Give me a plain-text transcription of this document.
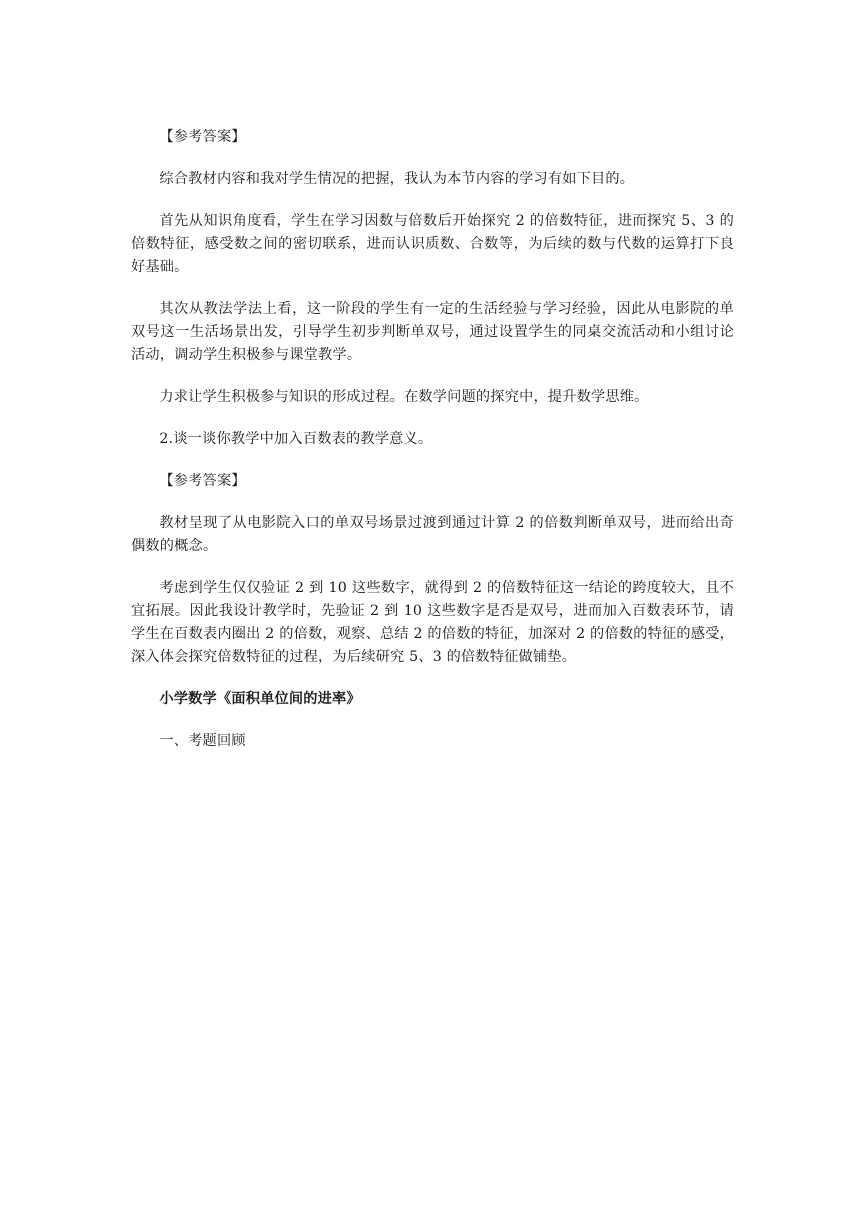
【参考答案】

综合教材内容和我对学生情况的把握，我认为本节内容的学习有如下目的。

首先从知识角度看，学生在学习因数与倍数后开始探究 2 的倍数特征，进而探究 5、3 的倍数特征，感受数之间的密切联系，进而认识质数、合数等，为后续的数与代数的运算打下良好基础。

其次从教法学法上看，这一阶段的学生有一定的生活经验与学习经验，因此从电影院的单双号这一生活场景出发，引导学生初步判断单双号，通过设置学生的同桌交流活动和小组讨论活动，调动学生积极参与课堂教学。

力求让学生积极参与知识的形成过程。在数学问题的探究中，提升数学思维。

2.谈一谈你教学中加入百数表的教学意义。

【参考答案】

教材呈现了从电影院入口的单双号场景过渡到通过计算 2 的倍数判断单双号，进而给出奇偶数的概念。

考虑到学生仅仅验证 2 到 10 这些数字，就得到 2 的倍数特征这一结论的跨度较大，且不宜拓展。因此我设计教学时，先验证 2 到 10 这些数字是否是双号，进而加入百数表环节，请学生在百数表内圈出 2 的倍数，观察、总结 2 的倍数的特征，加深对 2 的倍数的特征的感受，深入体会探究倍数特征的过程，为后续研究 5、3 的倍数特征做铺垫。

小学数学《面积单位间的进率》

一、考题回顾
